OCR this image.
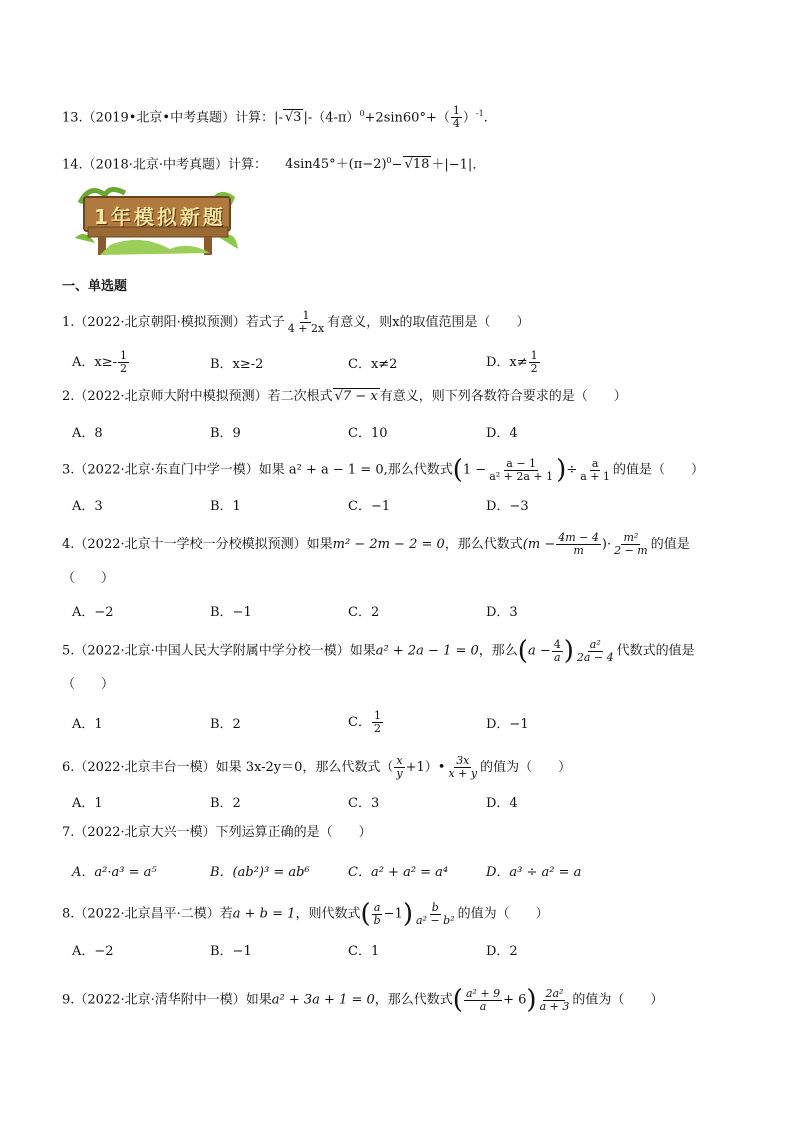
13.（2019•北京•中考真题）计算：|- √3 $|-(4-\pi)^0+2\sin 60^\circ+( \frac{1}{4} )^{-1}$.
14.（2018·北京·中考真题）计算： $4\sin 45^\circ+(\pi-2)^0- √18 +|-1|$．
1年模拟新题
一、单选题
1.（2022·北京朝阳·模拟预测）若式子 $\frac{1}{4 + 2x}$ 有意义，则x的取值范围是（　　）
A．$x\ge- \frac{1}{2}$	B．x≥-2	C．x≠2	D．$x\ne \frac{1}{2}$
2.（2022·北京师大附中模拟预测）若二次根式 √7 − x 有意义，则下列各数符合要求的是（　　）
A．8	B．9	C．10	D．4
3.（2022·北京·东直门中学一模）如果 a² + a − 1 = 0,那么代数式($1 - \frac{a - 1}{\text{a² + 2a + 1}}$ )÷ $\frac{a}{a + 1}$ 的值是（　　）
A．3	B．1	C．−1	D．−3
4.（2022·北京十一学校一分校模拟预测）如果m² − 2m − 2 = 0，那么代数式($m - \frac{4m - 4}{m}$ )· $\frac{\text{m²}}{2 - m}$ 的值是
（　　）
A．−2	B．−1	C．2	D．3
5.（2022·北京·中国人民大学附属中学分校一模）如果a² + 2a − 1 = 0，那么($a - \frac{4}{a}$ ) $\frac{\text{a²}}{2a - 4}$ 代数式的值是
（　　）
A．1	B．2	C． $\frac{1}{2}$	D．−1
6.（2022·北京丰台一模）如果 3x-2y＝0，那么代数式（ $\frac{x}{y}$ +1）• $\frac{3x}{x + y}$ 的值为（　　）
A．1	B．2	C．3	D．4
7.（2022·北京大兴一模）下列运算正确的是（　　）
A．a²·a³ = a⁵	B．(ab²)³ = ab⁶	C．a² + a² = a⁴	D．a³ ÷ a² = a
8.（2022·北京昌平·二模）若a + b = 1，则代数式( $\frac{a}{b} -1) \frac{b}{\text{a² − b²}}$ 的值为（　　）
A．−2	B．−1	C．1	D．2
9.（2022·北京·清华附中一模）如果a² + 3a + 1 = 0，那么代数式( $\frac{\text{a² + 9}}{a} + 6) \frac{\text{2a²}}{a + 3}$ 的值为（　　）
